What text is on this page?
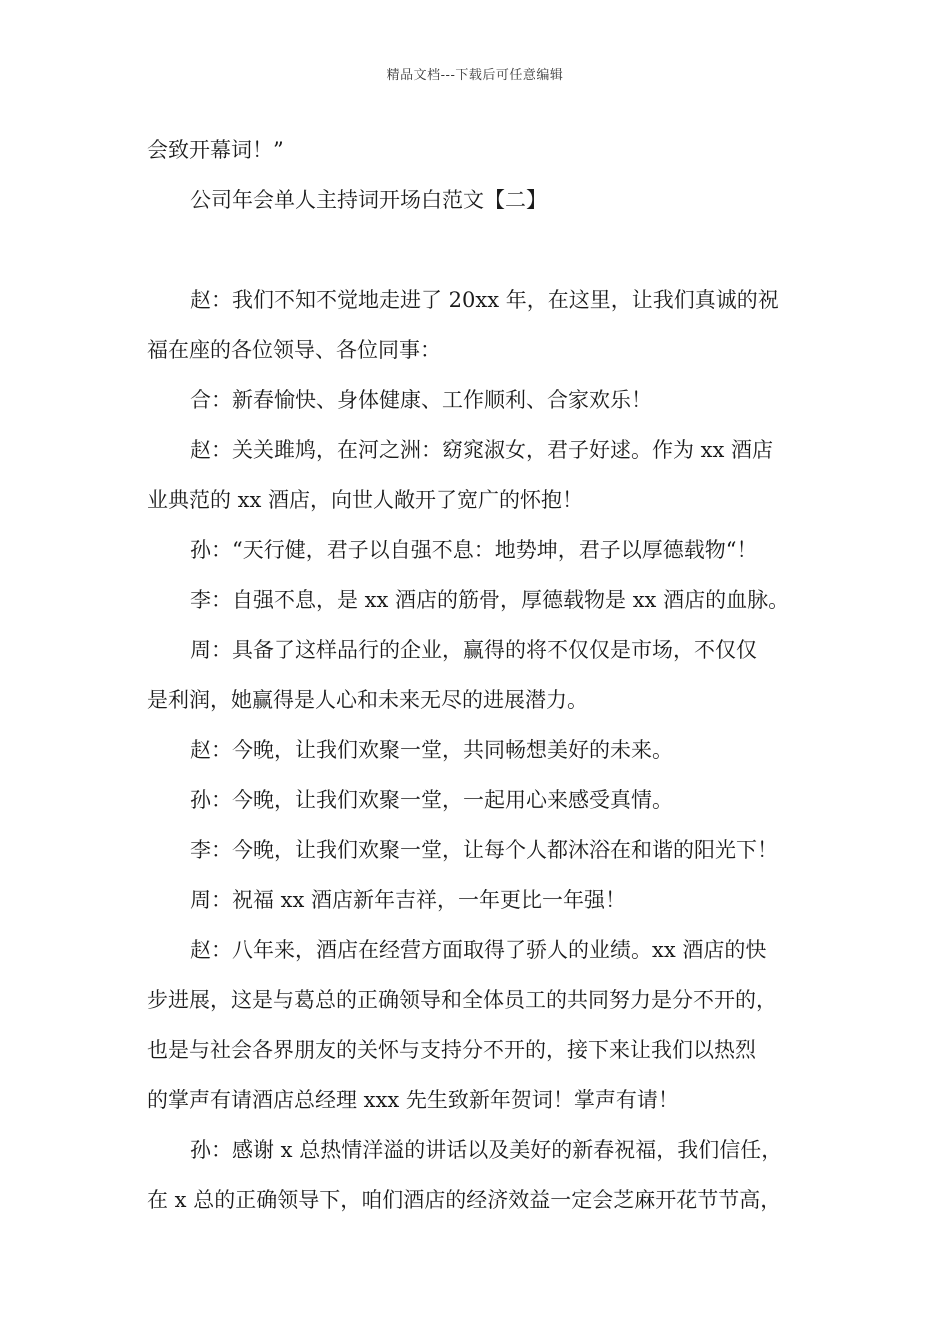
精品文档---下载后可任意编辑
会致开幕词！”
公司年会单人主持词开场白范文【二】
赵：我们不知不觉地走进了 20xx 年，在这里，让我们真诚的祝
福在座的各位领导、各位同事：
合：新春愉快、身体健康、工作顺利、合家欢乐！
赵：关关雎鸠，在河之洲：窈窕淑女，君子好逑。作为 xx 酒店
业典范的 xx 酒店，向世人敞开了宽广的怀抱！
孙：“天行健，君子以自强不息：地势坤，君子以厚德载物“！
李：自强不息，是 xx 酒店的筋骨，厚德载物是 xx 酒店的血脉。
周：具备了这样品行的企业，赢得的将不仅仅是市场，不仅仅
是利润，她赢得是人心和未来无尽的进展潜力。
赵：今晚，让我们欢聚一堂，共同畅想美好的未来。
孙：今晚，让我们欢聚一堂，一起用心来感受真情。
李：今晚，让我们欢聚一堂，让每个人都沐浴在和谐的阳光下！
周：祝福 xx 酒店新年吉祥，一年更比一年强！
赵：八年来，酒店在经营方面取得了骄人的业绩。xx 酒店的快
步进展，这是与葛总的正确领导和全体员工的共同努力是分不开的，
也是与社会各界朋友的关怀与支持分不开的，接下来让我们以热烈
的掌声有请酒店总经理 xxx 先生致新年贺词！掌声有请！
孙：感谢 x 总热情洋溢的讲话以及美好的新春祝福，我们信任，
在 x 总的正确领导下，咱们酒店的经济效益一定会芝麻开花节节高，
